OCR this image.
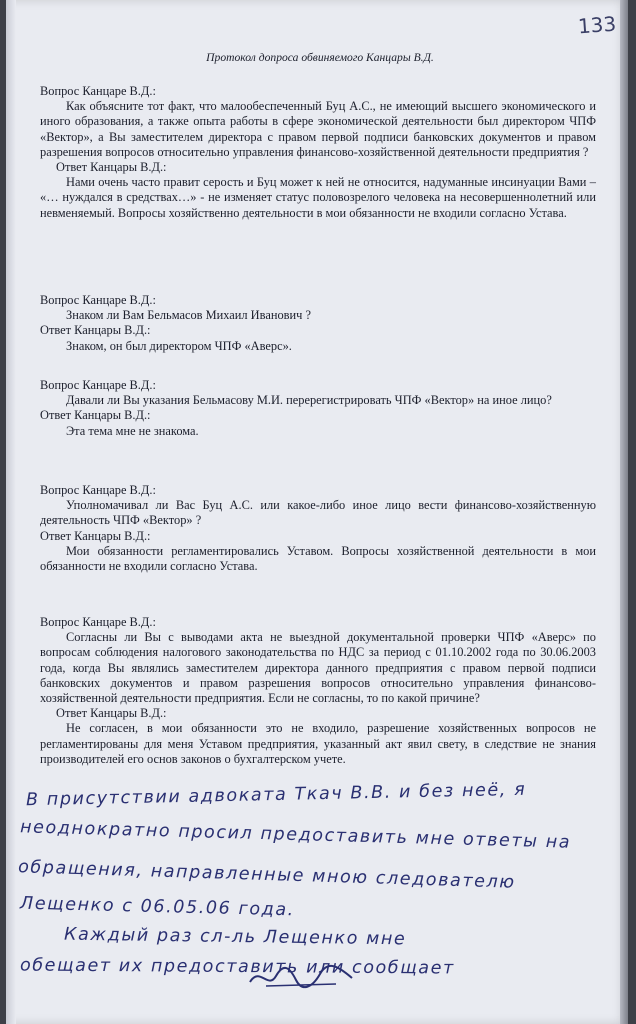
133
Протокол допроса обвиняемого Канцары В.Д.
Вопрос Канцаре В.Д.:
Как объясните тот факт, что малообеспеченный Буц А.С., не имеющий высшего экономического и иного образования, а также опыта работы в сфере экономической деятельности был директором ЧПФ «Вектор», а Вы заместителем директора с правом первой подписи банковских документов и правом разрешения вопросов относительно управления финансово-хозяйственной деятельности предприятия ?
Ответ Канцары В.Д.:
Нами очень часто правит серость и Буц может к ней не относится, надуманные инсинуации Вами – «… нуждался в средствах…» - не изменяет статус половозрелого человека на несовершеннолетний или невменяемый. Вопросы хозяйственно деятельности в мои обязанности не входили согласно Устава.
Вопрос Канцаре В.Д.:
Знаком ли Вам Бельмасов Михаил Иванович ?
Ответ Канцары В.Д.:
Знаком, он был директором ЧПФ «Аверс».
Вопрос Канцаре В.Д.:
Давали ли Вы указания Бельмасову М.И. перерегистрировать ЧПФ «Вектор» на иное лицо?
Ответ Канцары В.Д.:
Эта тема мне не знакома.
Вопрос Канцаре В.Д.:
Уполномачивал ли Вас Буц А.С. или какое-либо иное лицо вести финансово-хозяйственную деятельность ЧПФ «Вектор» ?
Ответ Канцары В.Д.:
Мои обязанности регламентировались Уставом. Вопросы хозяйственной деятельности в мои обязанности не входили согласно Устава.
Вопрос Канцаре В.Д.:
Согласны ли Вы с выводами акта не выездной документальной проверки ЧПФ «Аверс» по вопросам соблюдения налогового законодательства по НДС за период с 01.10.2002 года по 30.06.2003 года, когда Вы являлись заместителем директора данного предприятия с правом первой подписи банковских документов и правом разрешения вопросов относительно управления финансово-хозяйственной деятельности предприятия. Если не согласны, то по какой причине?
Ответ Канцары В.Д.:
Не согласен, в мои обязанности это не входило, разрешение хозяйственных вопросов не регламентированы для меня Уставом предприятия, указанный акт явил свету, в следствие не знания производителей его основ законов о бухгалтерском учете.
В присутствии адвоката Ткач В.В. и без неё, я
неоднократно просил предоставить мне ответы на
обращения, направленные мною следователю
Лещенко с 06.05.06 года.
Каждый раз сл-ль Лещенко мне
обещает их предоставить или сообщает
